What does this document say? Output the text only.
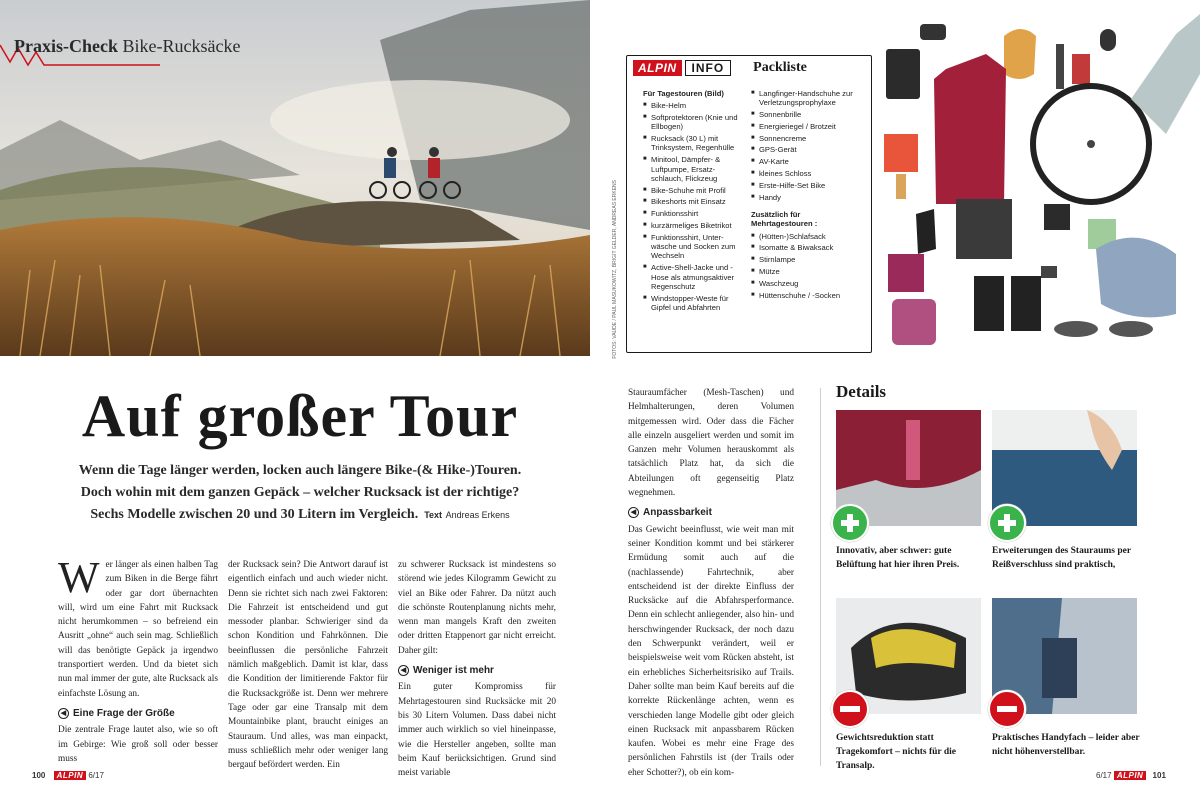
Praxis-Check Bike-Rucksäcke
FOTOS: VAUDE / PAUL MASUKOWITZ, BRIGIT GELDER, ANDREAS ERKENS
ALPIN	INFO	Packliste
Für Tagestouren (Bild)
■ Bike-Helm
■ Softprotektoren (Knie und Ellbogen)
■ Rucksack (30 L) mit Trinksystem, Regenhülle
■ Minitool, Dämpfer- & Luftpumpe, Ersatz-schlauch, Flickzeug
■ Bike-Schuhe mit Profil
■ Bikeshorts mit Einsatz
■ Funktionsshirt
■ kurzärmeliges Biketrikot
■ Funktionsshirt, Unter-wäsche und Socken zum Wechseln
■ Active-Shell-Jacke und -Hose als atmungsaktiver Regenschutz
■ Windstopper-Weste für Gipfel und Abfahrten
■ Langfinger-Handschuhe zur Verletzungsprophylaxe
■ Sonnenbrille
■ Energieriegel / Brotzeit
■ Sonnencreme
■ GPS-Gerät
■ AV-Karte
■ kleines Schloss
■ Erste-Hilfe-Set Bike
■ Handy
Zusätzlich für Mehrtagestouren :
■ (Hütten-)Schlafsack
■ Isomatte & Biwaksack
■ Stirnlampe
■ Mütze
■ Waschzeug
■ Hüttenschuhe / -Socken
Auf großer Tour
Wenn die Tage länger werden, locken auch längere Bike-(& Hike-)Touren.
Doch wohin mit dem ganzen Gepäck – welcher Rucksack ist der richtige?
Sechs Modelle zwischen 20 und 30 Litern im Vergleich. Text Andreas Erkens

Wer länger als einen halben Tag zum Biken in die Berge fährt oder gar dort übernachten will, wird um eine Fahrt mit Rucksack nicht herumkommen – so befreiend ein Ausritt „ohne“ auch sein mag. Schließlich will das benötigte Gepäck ja irgendwo transportiert werden. Und da bietet sich nun mal immer der gute, alte Rucksack als einfachste Lösung an.

◀ Eine Frage der Größe

Die zentrale Frage lautet also, wie so oft im Gebirge: Wie groß soll oder besser muss

der Rucksack sein? Die Antwort darauf ist eigentlich einfach und auch wieder nicht. Denn sie richtet sich nach zwei Faktoren: Die Fahrzeit ist entscheidend und gut messoder planbar. Schwieriger sind da schon Kondition und Fahrkönnen. Die beeinflussen die persönliche Fahrzeit nämlich maßgeblich. Damit ist klar, dass die Kondition der limitierende Faktor für die Rucksackgröße ist. Denn wer mehrere Tage oder gar eine Transalp mit dem Mountainbike plant, braucht einiges an Stauraum. Und alles, was man einpackt, muss schließlich mehr oder weniger lang bergauf befördert werden. Ein

zu schwerer Rucksack ist mindestens so störend wie jedes Kilogramm Gewicht zu viel an Bike oder Fahrer. Da nützt auch die schönste Routenplanung nichts mehr, wenn man mangels Kraft den zweiten oder dritten Etappenort gar nicht erreicht. Daher gilt:

◀ Weniger ist mehr

Ein guter Kompromiss für Mehrtagestouren sind Rucksäcke mit 20 bis 30 Litern Volumen. Dass dabei nicht immer auch wirklich so viel hineinpasse, wie die Hersteller angeben, sollte man beim Kauf berücksichtigen. Grund sind meist variable

Stauraumfächer (Mesh-Taschen) und Helmhalterungen, deren Volumen mitgemessen wird. Oder dass die Fächer alle einzeln ausgeliert werden und somit im Ganzen mehr Volumen herauskommt als tatsächlich Platz hat, da sich die Abteilungen oft gegenseitig Platz wegnehmen.

◀ Anpassbarkeit

Das Gewicht beeinflusst, wie weit man mit seiner Kondition kommt und bei stärkerer Ermüdung somit auch auf die (nachlassende) Fahrtechnik, aber entscheidend ist der direkte Einfluss der Rucksäcke auf die Abfahrsperformance. Denn ein schlecht anliegender, also hin- und herschwingender Rucksack, der noch dazu den Schwerpunkt verändert, weil er beispielsweise weit vom Rücken absteht, ist ein erhebliches Sicherheitsrisiko auf Trails. Daher sollte man beim Kauf bereits auf die korrekte Rückenlänge achten, wenn es verschieden lange Modelle gibt oder gleich einen Rucksack mit anpassbarem Rücken kaufen. Wobei es mehr eine Frage des persönlichen Fahrstils ist (der Trails oder eher Schotter?), ob ein kom-

Details
Innovativ, aber schwer: gute Belüftung hat hier ihren Preis.
Erweiterungen des Stauraums per Reißverschluss sind praktisch,
Gewichtsreduktion statt Tragekomfort – nichts für die Transalp.
Praktisches Handyfach – leider aber nicht höhenverstellbar.
100 ALPIN 6/17	6/17 ALPIN 101
